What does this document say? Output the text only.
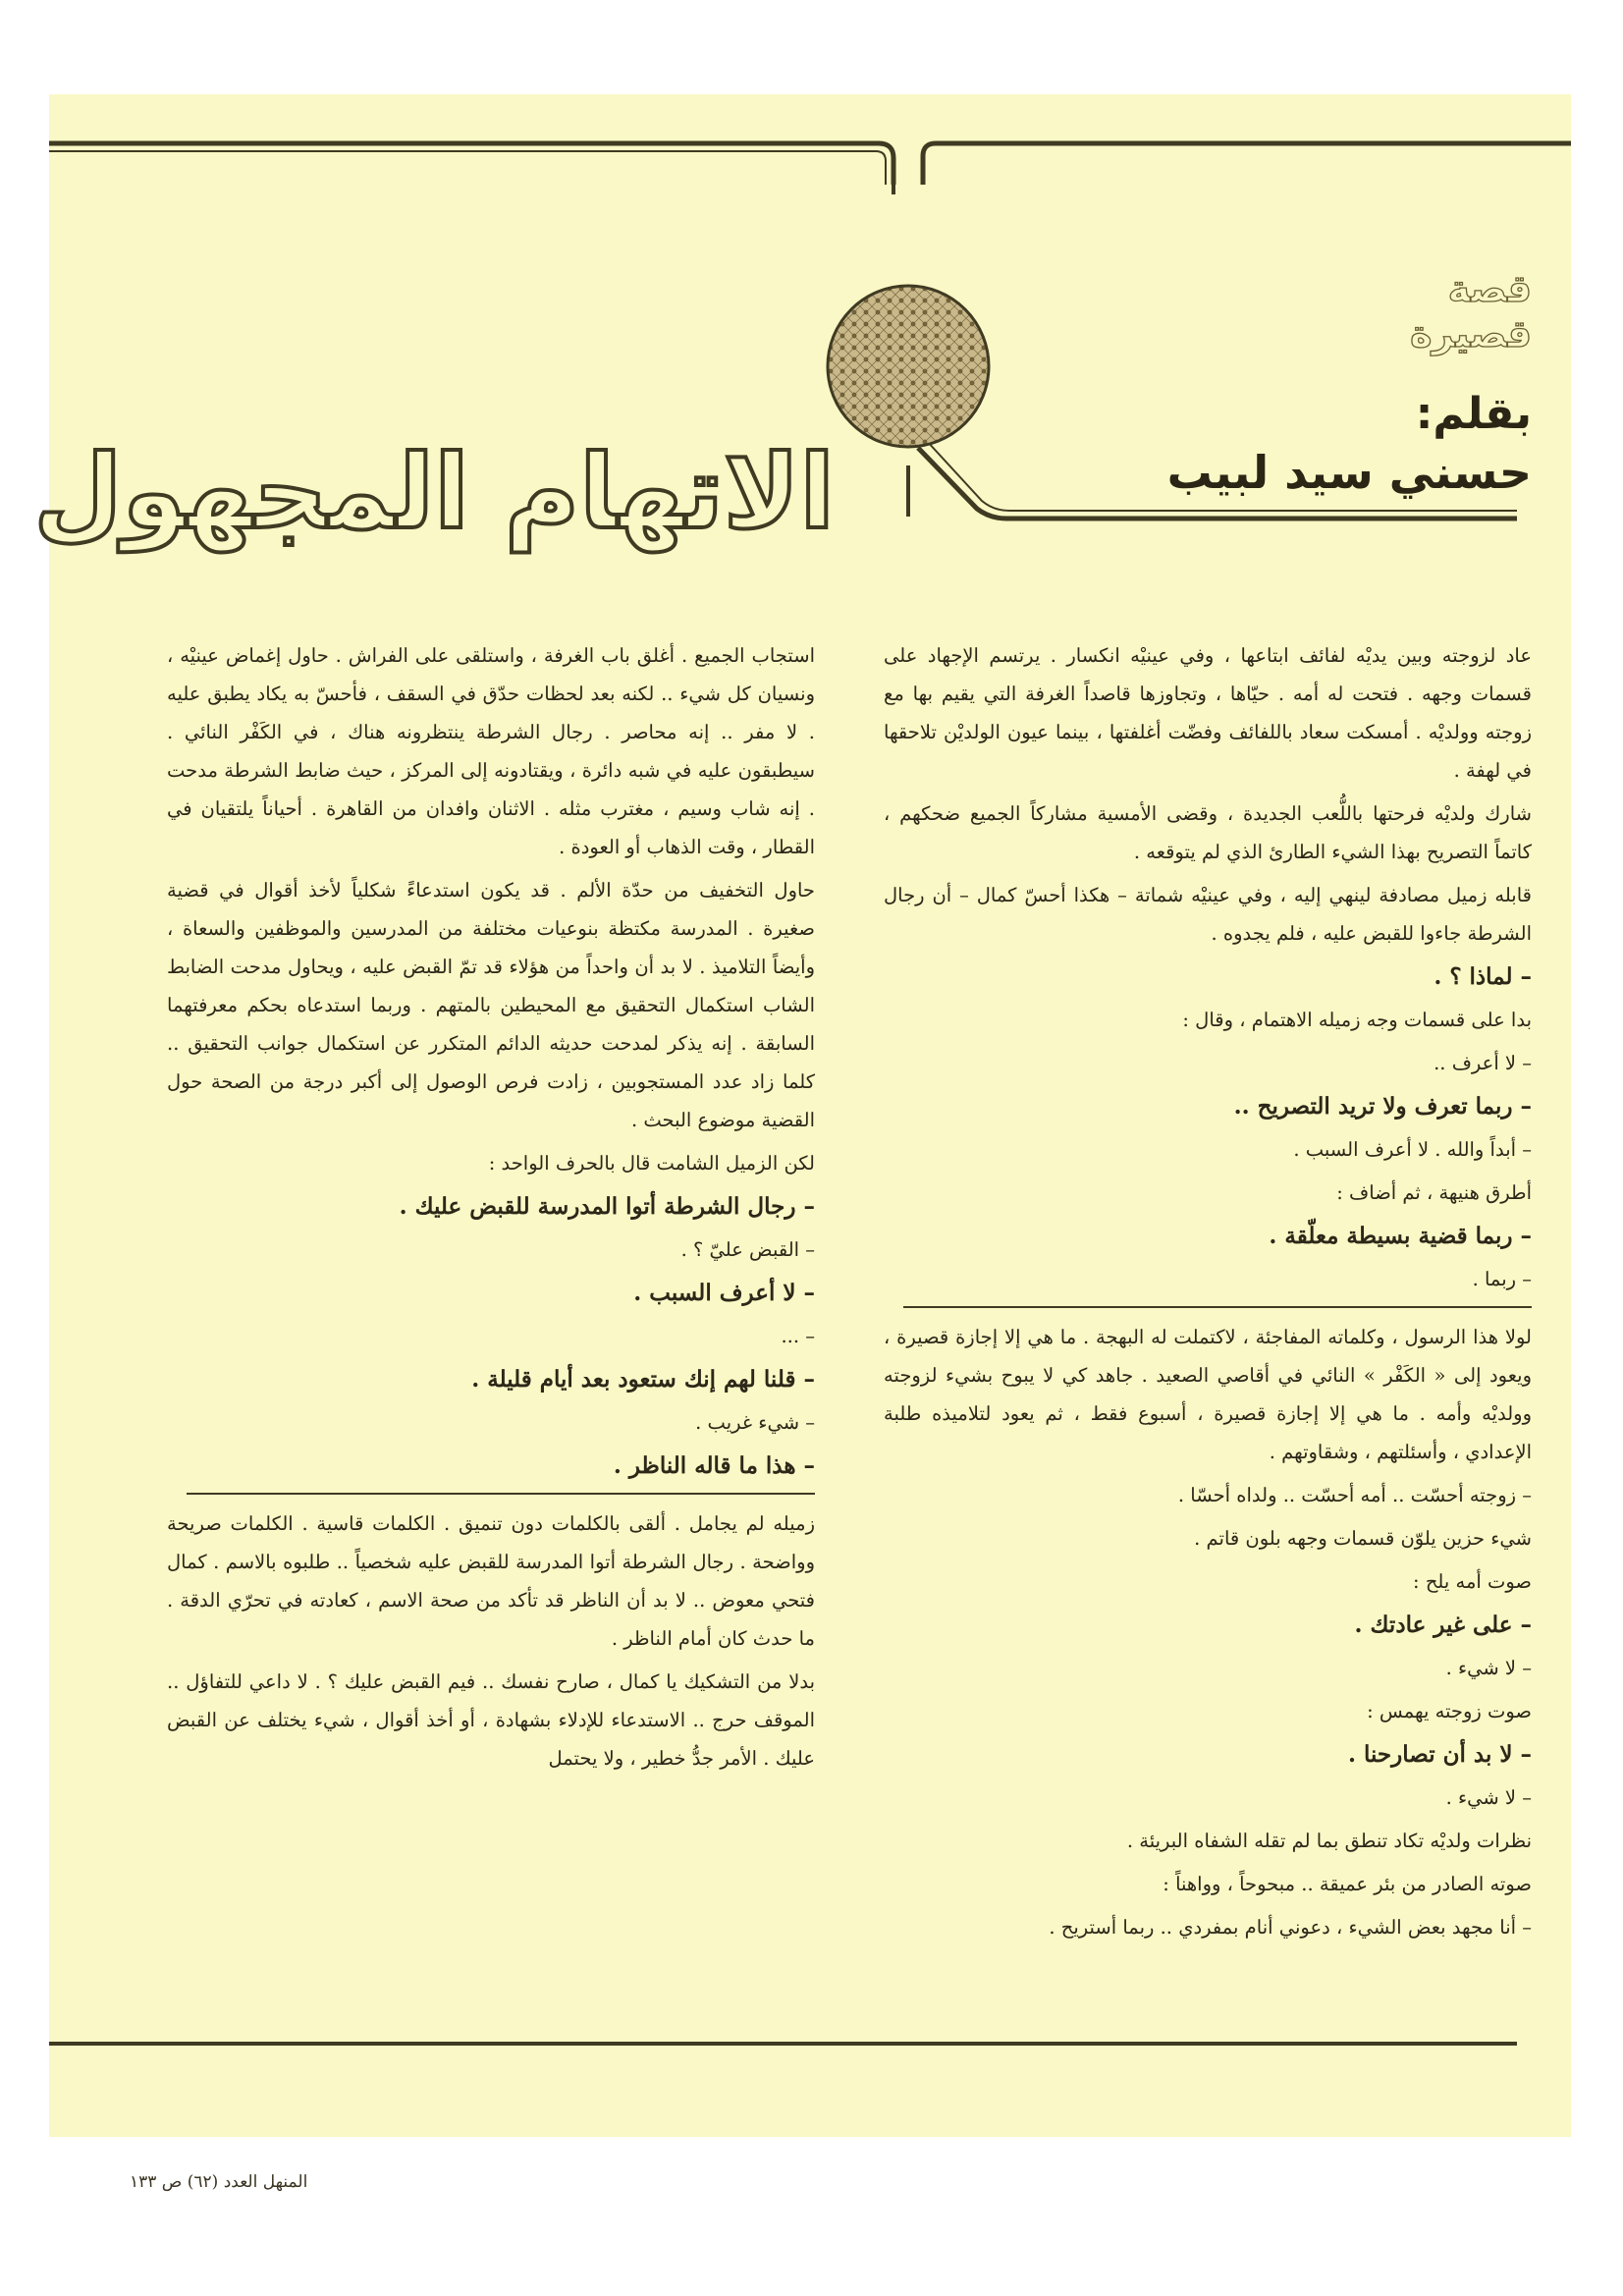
قصة
قصيرة
بقلم:
حسني سيد لبيب
الاتهام المجهول

عاد لزوجته وبين يديْه لفائف ابتاعها ، وفي عينيْه انكسار . يرتسم الإجهاد على قسمات وجهه . فتحت له أمه . حيّاها ، وتجاوزها قاصداً الغرفة التي يقيم بها مع زوجته وولديْه . أمسكت سعاد باللفائف وفضّت أغلفتها ، بينما عيون الولديْن تلاحقها في لهفة .

شارك ولديْه فرحتها باللُّعب الجديدة ، وقضى الأمسية مشاركاً الجميع ضحكهم ، كاتماً التصريح بهذا الشيء الطارئ الذي لم يتوقعه .

قابله زميل مصادفة لينهي إليه ، وفي عينيْه شماتة – هكذا أحسّ كمال – أن رجال الشرطة جاءوا للقبض عليه ، فلم يجدوه .

– لماذا ؟ .

بدا على قسمات وجه زميله الاهتمام ، وقال :

– لا أعرف ..

– ربما تعرف ولا تريد التصريح ..

– أبداً والله . لا أعرف السبب .

أطرق هنيهة ، ثم أضاف :

– ربما قضية بسيطة معلّقة .

– ربما .

لولا هذا الرسول ، وكلماته المفاجئة ، لاكتملت له البهجة . ما هي إلا إجازة قصيرة ، ويعود إلى « الكَفْر » النائي في أقاصي الصعيد . جاهد كي لا يبوح بشيء لزوجته وولديْه وأمه . ما هي إلا إجازة قصيرة ، أسبوع فقط ، ثم يعود لتلاميذه طلبة الإعدادي ، وأسئلتهم ، وشقاوتهم .

– زوجته أحسّت .. أمه أحسّت .. ولداه أحسّا .

شيء حزين يلوّن قسمات وجهه بلون قاتم .

صوت أمه يلح :

– على غير عادتك .

– لا شيء .

صوت زوجته يهمس :

– لا بد أن تصارحنا .

– لا شيء .

نظرات ولديْه تكاد تنطق بما لم تقله الشفاه البريئة .

صوته الصادر من بئر عميقة .. مبحوحاً ، وواهناً :

– أنا مجهد بعض الشيء ، دعوني أنام بمفردي .. ربما أستريح .

استجاب الجميع . أغلق باب الغرفة ، واستلقى على الفراش . حاول إغماض عينيْه ، ونسيان كل شيء .. لكنه بعد لحظات حدّق في السقف ، فأحسّ به يكاد يطبق عليه . لا مفر .. إنه محاصر . رجال الشرطة ينتظرونه هناك ، في الكَفْر النائي . سيطبقون عليه في شبه دائرة ، ويقتادونه إلى المركز ، حيث ضابط الشرطة مدحت . إنه شاب وسيم ، مغترب مثله . الاثنان وافدان من القاهرة . أحياناً يلتقيان في القطار ، وقت الذهاب أو العودة .

حاول التخفيف من حدّة الألم . قد يكون استدعاءً شكلياً لأخذ أقوال في قضية صغيرة . المدرسة مكتظة بنوعيات مختلفة من المدرسين والموظفين والسعاة ، وأيضاً التلاميذ . لا بد أن واحداً من هؤلاء قد تمّ القبض عليه ، ويحاول مدحت الضابط الشاب استكمال التحقيق مع المحيطين بالمتهم . وربما استدعاه بحكم معرفتهما السابقة . إنه يذكر لمدحت حديثه الدائم المتكرر عن استكمال جوانب التحقيق .. كلما زاد عدد المستجوبين ، زادت فرص الوصول إلى أكبر درجة من الصحة حول القضية موضوع البحث .

لكن الزميل الشامت قال بالحرف الواحد :

– رجال الشرطة أتوا المدرسة للقبض عليك .

– القبض عليّ ؟ .

– لا أعرف السبب .

– ...

– قلنا لهم إنك ستعود بعد أيام قليلة .

– شيء غريب .

– هذا ما قاله الناظر .

زميله لم يجامل . ألقى بالكلمات دون تنميق . الكلمات قاسية . الكلمات صريحة وواضحة . رجال الشرطة أتوا المدرسة للقبض عليه شخصياً .. طلبوه بالاسم . كمال فتحي معوض .. لا بد أن الناظر قد تأكد من صحة الاسم ، كعادته في تحرّي الدقة . ما حدث كان أمام الناظر .

بدلا من التشكيك يا كمال ، صارح نفسك .. فيم القبض عليك ؟ . لا داعي للتفاؤل .. الموقف حرج .. الاستدعاء للإدلاء بشهادة ، أو أخذ أقوال ، شيء يختلف عن القبض عليك . الأمر جدُّ خطير ، ولا يحتمل

المنهل العدد (٦٢) ص ١٣٣
